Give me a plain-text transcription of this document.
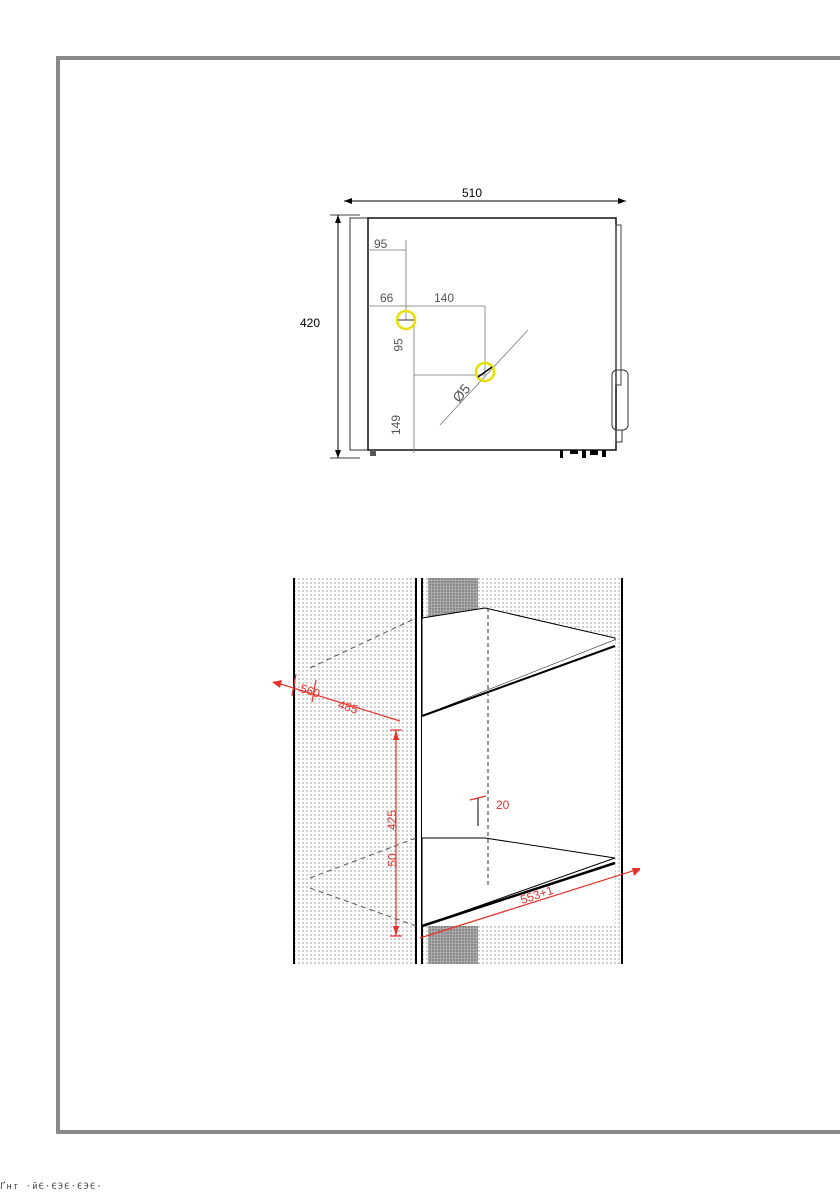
510
420
95
66	140
95
149
Ø5
560
485
425
50
20
553+1
Ґнт ·йЄ·ЄЭЄ·ЄЭЄ·
